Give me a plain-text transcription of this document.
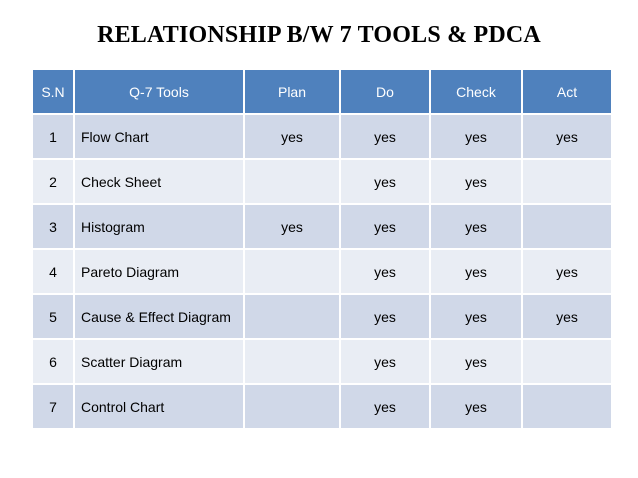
RELATIONSHIP B/W 7 TOOLS & PDCA
S.N	Q-7 Tools	Plan	Do	Check	Act
1	Flow Chart	yes	yes	yes	yes
2	Check Sheet		yes	yes	
3	Histogram	yes	yes	yes	
4	Pareto Diagram		yes	yes	yes
5	Cause & Effect Diagram		yes	yes	yes
6	Scatter Diagram		yes	yes	
7	Control Chart		yes	yes	
